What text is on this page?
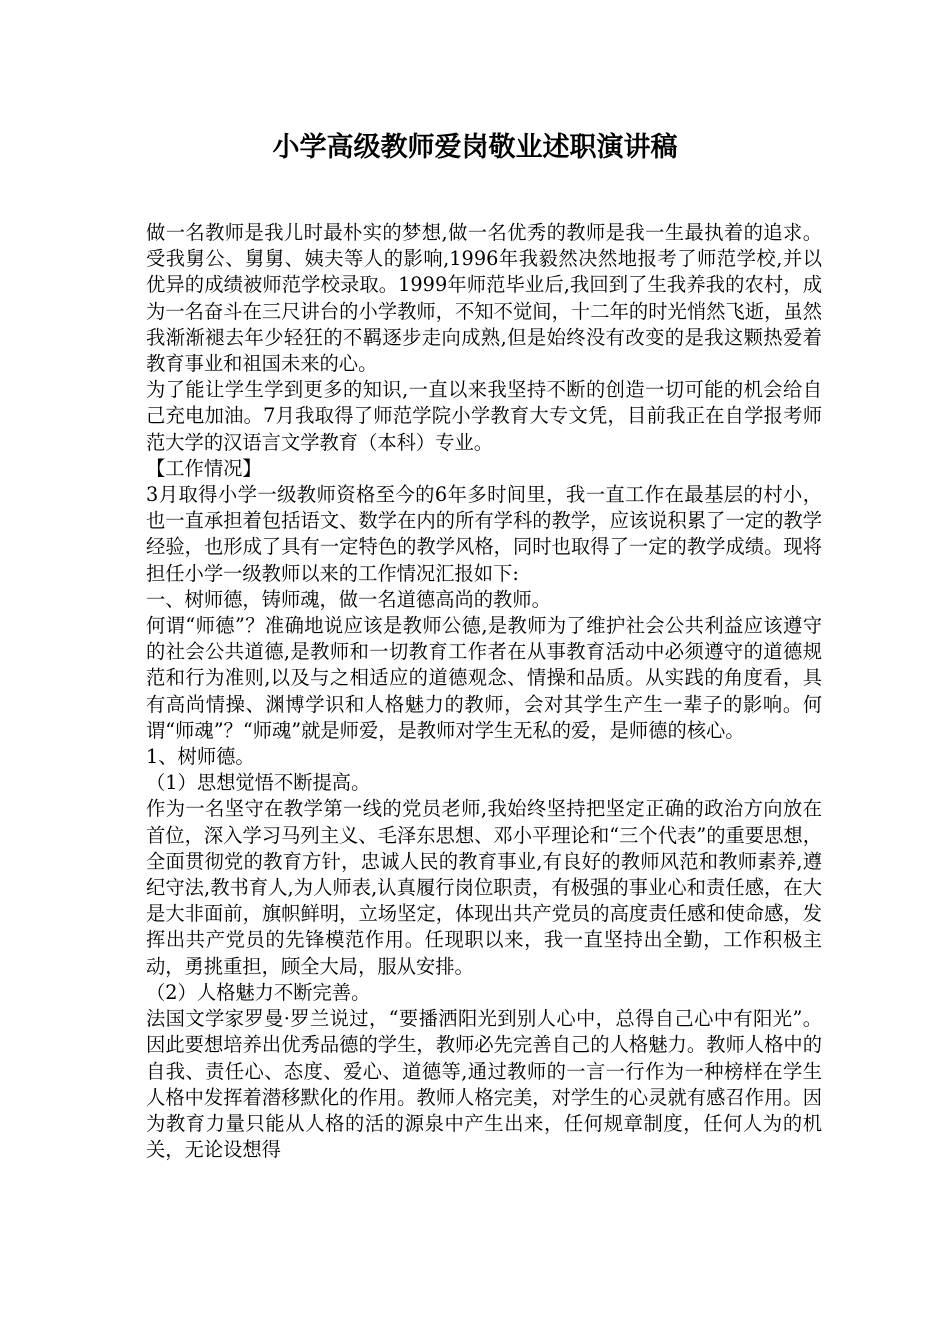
小学高级教师爱岗敬业述职演讲稿

做一名教师是我儿时最朴实的梦想,做一名优秀的教师是我一生最执着的追求。受我舅公、舅舅、姨夫等人的影响,1996年我毅然决然地报考了师范学校,并以优异的成绩被师范学校录取。1999年师范毕业后,我回到了生我养我的农村，成为一名奋斗在三尺讲台的小学教师，不知不觉间，十二年的时光悄然飞逝，虽然我渐渐褪去年少轻狂的不羁逐步走向成熟,但是始终没有改变的是我这颗热爱着教育事业和祖国未来的心。

为了能让学生学到更多的知识,一直以来我坚持不断的创造一切可能的机会给自己充电加油。7月我取得了师范学院小学教育大专文凭，目前我正在自学报考师范大学的汉语言文学教育（本科）专业。

【工作情况】

3月取得小学一级教师资格至今的6年多时间里，我一直工作在最基层的村小，也一直承担着包括语文、数学在内的所有学科的教学，应该说积累了一定的教学经验，也形成了具有一定特色的教学风格，同时也取得了一定的教学成绩。现将担任小学一级教师以来的工作情况汇报如下:

一、树师德，铸师魂，做一名道德高尚的教师。

何谓“师德”？准确地说应该是教师公德,是教师为了维护社会公共利益应该遵守的社会公共道德,是教师和一切教育工作者在从事教育活动中必须遵守的道德规范和行为准则,以及与之相适应的道德观念、情操和品质。从实践的角度看，具有高尚情操、渊博学识和人格魅力的教师，会对其学生产生一辈子的影响。何谓“师魂”？“师魂”就是师爱，是教师对学生无私的爱，是师德的核心。

1、树师德。

（1）思想觉悟不断提高。

作为一名坚守在教学第一线的党员老师,我始终坚持把坚定正确的政治方向放在首位，深入学习马列主义、毛泽东思想、邓小平理论和“三个代表”的重要思想，全面贯彻党的教育方针，忠诚人民的教育事业,有良好的教师风范和教师素养,遵纪守法,教书育人,为人师表,认真履行岗位职责，有极强的事业心和责任感，在大是大非面前，旗帜鲜明，立场坚定，体现出共产党员的高度责任感和使命感，发挥出共产党员的先锋模范作用。任现职以来，我一直坚持出全勤，工作积极主动，勇挑重担，顾全大局，服从安排。

（2）人格魅力不断完善。

法国文学家罗曼·罗兰说过，“要播洒阳光到别人心中，总得自己心中有阳光”。因此要想培养出优秀品德的学生，教师必先完善自己的人格魅力。教师人格中的自我、责任心、态度、爱心、道德等,通过教师的一言一行作为一种榜样在学生人格中发挥着潜移默化的作用。教师人格完美，对学生的心灵就有感召作用。因为教育力量只能从人格的活的源泉中产生出来，任何规章制度，任何人为的机关，无论设想得
